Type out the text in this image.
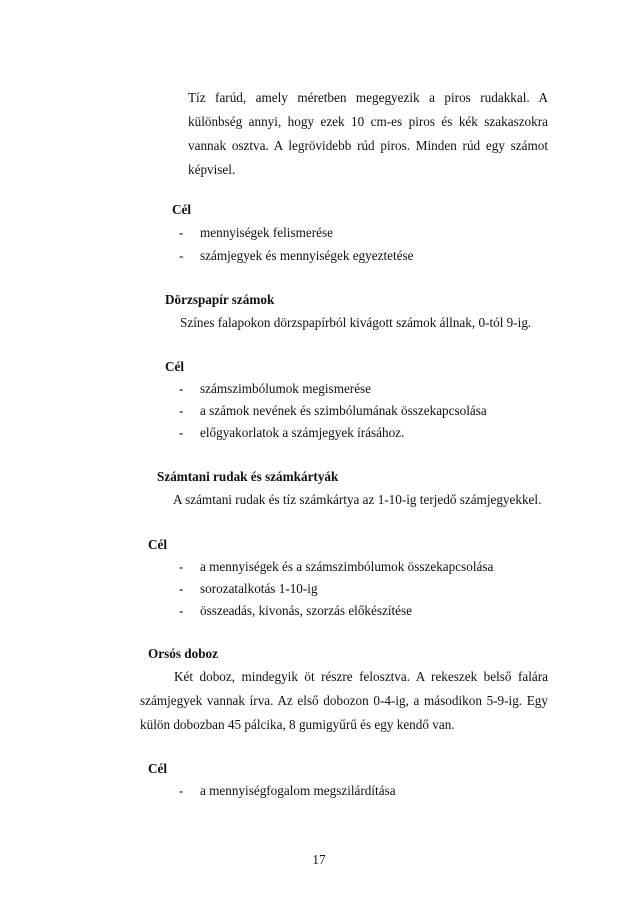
Tíz farúd, amely méretben megegyezik a piros rudakkal. A
különbség annyi, hogy ezek 10 cm-es piros és kék szakaszokra
vannak osztva. A legrövidebb rúd piros. Minden rúd egy számot
képvisel.
Cél
- mennyiségek felismerése
- számjegyek és mennyiségek egyeztetése
Dörzspapír számok
Színes falapokon dörzspapírból kivágott számok állnak, 0-tól 9-ig.
Cél
- számszimbólumok megismerése
- a számok nevének és szimbólumának összekapcsolása
- előgyakorlatok a számjegyek írásához.
Számtani rudak és számkártyák
A számtani rudak és tíz számkártya az 1-10-ig terjedő számjegyekkel.
Cél
- a mennyiségek és a számszimbólumok összekapcsolása
- sorozatalkotás 1-10-ig
- összeadás, kivonás, szorzás előkészítése
Orsós doboz
Két doboz, mindegyik öt részre felosztva. A rekeszek belső falára
számjegyek vannak írva. Az első dobozon 0-4-ig, a másodikon 5-9-ig. Egy
külön dobozban 45 pálcika, 8 gumigyűrű és egy kendő van.
Cél
- a mennyiségfogalom megszilárdítása
17
